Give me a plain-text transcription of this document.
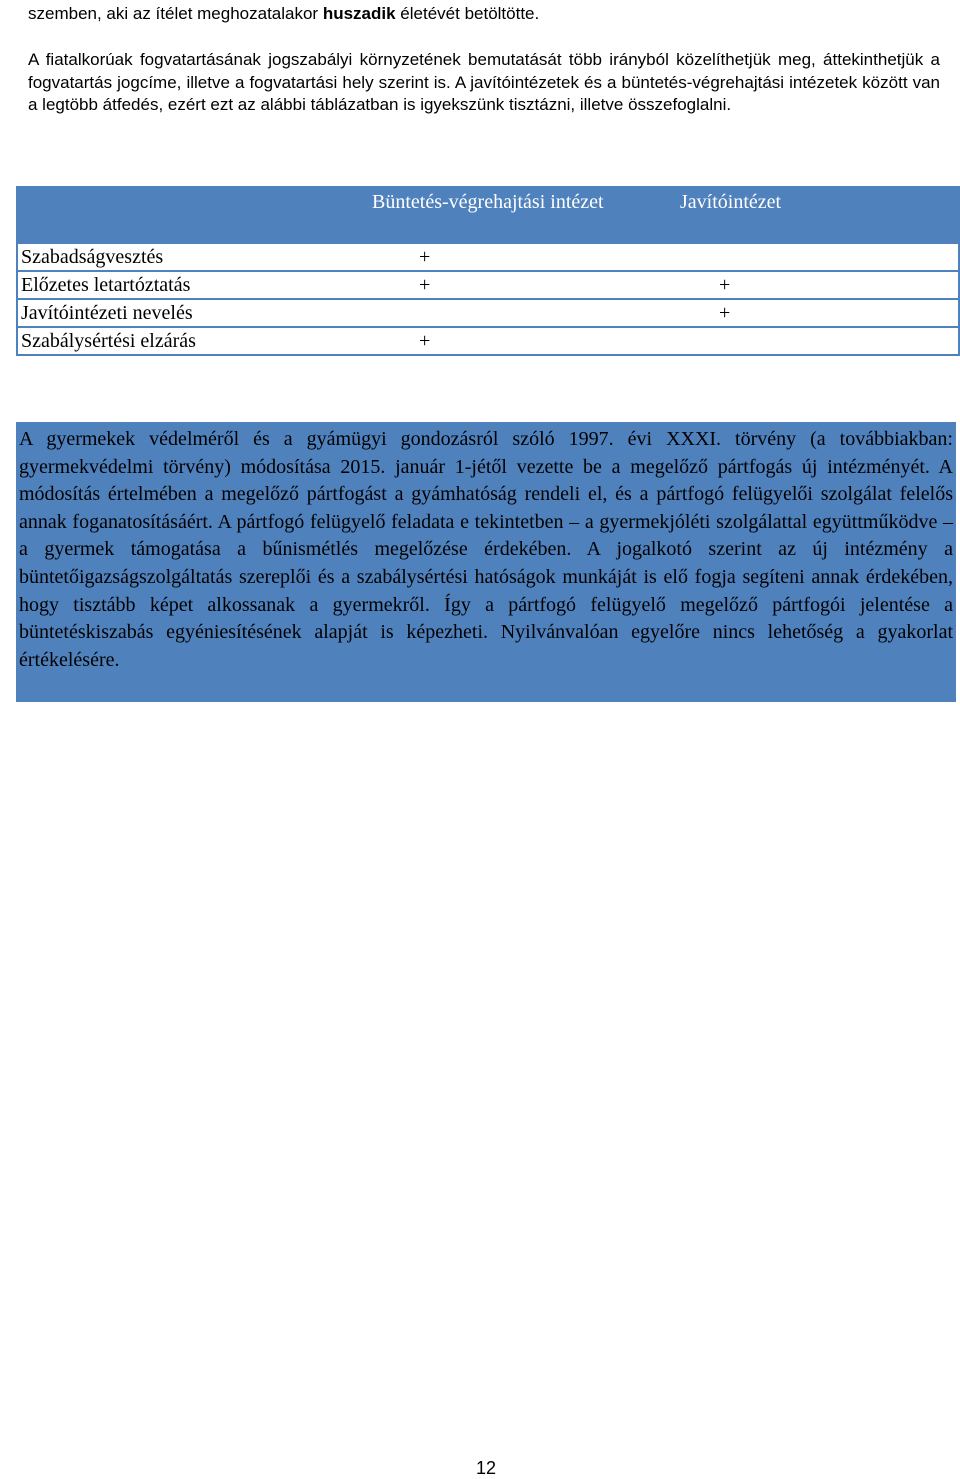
szemben, aki az ítélet meghozatalakor huszadik életévét betöltötte.

A fiatalkorúak fogvatartásának jogszabályi környzetének bemutatását több irányból közelíthetjük meg, áttekinthetjük a fogvatartás jogcíme, illetve a fogvatartási hely szerint is. A javítóintézetek és a büntetés-végrehajtási intézetek között van a legtöbb átfedés, ezért ezt az alábbi táblázatban is igyekszünk tisztázni, illetve összefoglalni.

	Büntetés-végrehajtási intézet	Javítóintézet
Szabadságvesztés	+	
Előzetes letartóztatás	+	+
Javítóintézeti nevelés		+
Szabálysértési elzárás	+	

A gyermekek védelméről és a gyámügyi gondozásról szóló 1997. évi XXXI. törvény (a továbbiakban: gyermekvédelmi törvény) módosítása 2015. január 1-jétől vezette be a megelőző pártfogás új intézményét. A módosítás értelmében a megelőző pártfogást a gyámhatóság rendeli el, és a pártfogó felügyelői szolgálat felelős annak foganatosításáért. A pártfogó felügyelő feladata e tekintetben – a gyermekjóléti szolgálattal együttműködve – a gyermek támogatása a bűnismétlés megelőzése érdekében. A jogalkotó szerint az új intézmény a büntetőigazságszolgáltatás szereplői és a szabálysértési hatóságok munkáját is elő fogja segíteni annak érdekében, hogy tisztább képet alkossanak a gyermekről. Így a pártfogó felügyelő megelőző pártfogói jelentése a büntetéskiszabás egyéniesítésének alapját is képezheti. Nyilvánvalóan egyelőre nincs lehetőség a gyakorlat értékelésére.

12
